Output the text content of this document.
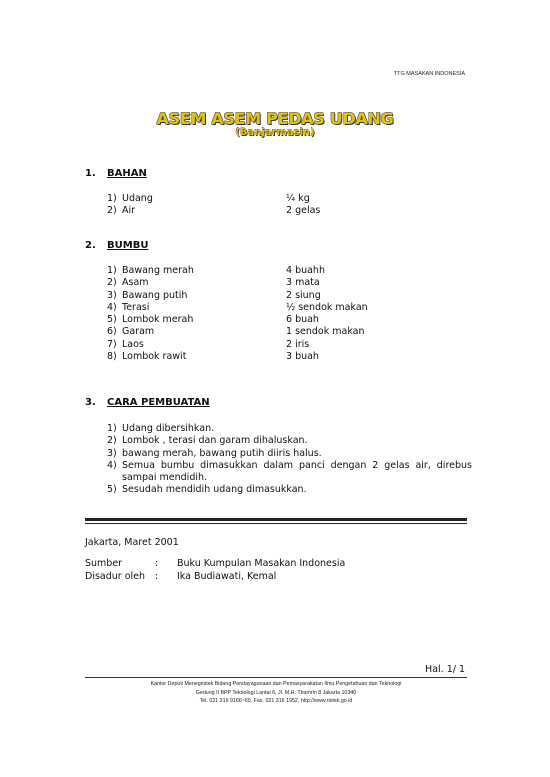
TTG MASAKAN INDONESIA
ASEM ASEM PEDAS UDANG
(Banjarmasin)
1. BAHAN
1) Udang	¼ kg
2) Air	2 gelas
2. BUMBU
1) Bawang merah	4 buahh
2) Asam	3 mata
3) Bawang putih	2 siung
4) Terasi	½ sendok makan
5) Lombok merah	6 buah
6) Garam	1 sendok makan
7) Laos	2 iris
8) Lombok rawit	3 buah
3. CARA PEMBUATAN
1) Udang dibersihkan.
2) Lombok , terasi dan garam dihaluskan.
3) bawang merah, bawang putih diiris halus.
4) Semua bumbu dimasukkan dalam panci dengan 2 gelas air, direbus sampai mendidih.
5) Sesudah mendidih udang dimasukkan.
Jakarta, Maret 2001
Sumber	: Buku Kumpulan Masakan Indonesia
Disadur oleh : Ika Budiawati, Kemal
Hal. 1/ 1
Kantor Deputi Menegristek Bidang Pendayagunaan dan Pemasyarakatan Ilmu Pengetahuan dan Teknologi
Gedung II BPP Teknologi Lantai 6, Jl. M.H. Thamrin 8 Jakarta 10340
Tel. 021 316 9166~69, Fax. 021 316 1952, http://www.ristek.go.id
